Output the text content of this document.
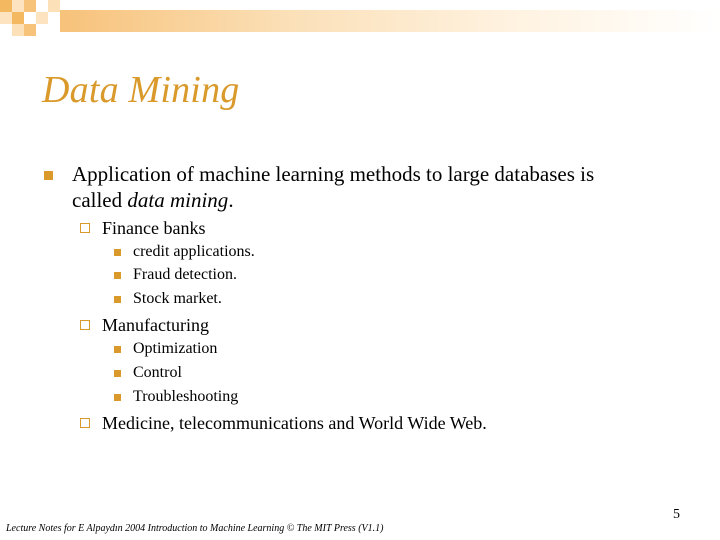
Data Mining
Application of machine learning methods to large databases is
called data mining.
Finance banks
credit applications.
Fraud detection.
Stock market.
Manufacturing
Optimization
Control
Troubleshooting
Medicine, telecommunications and World Wide Web.
5
Lecture Notes for E Alpaydın 2004 Introduction to Machine Learning © The MIT Press (V1.1)
